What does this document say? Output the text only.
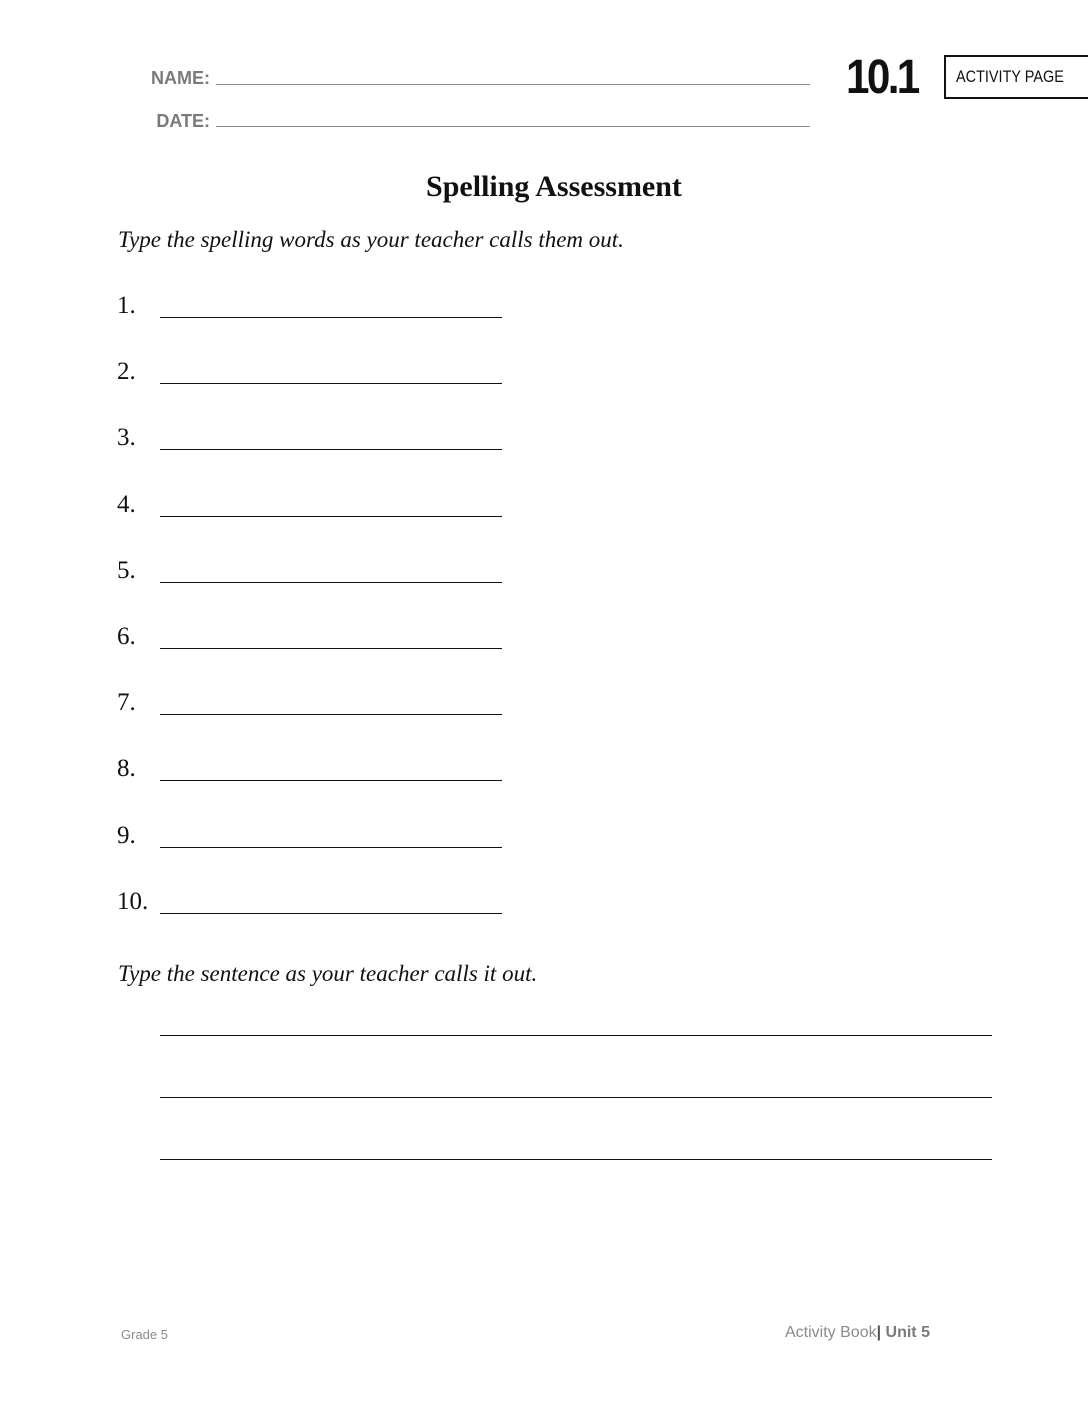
NAME:
DATE:
10.1 ACTIVITY PAGE
Spelling Assessment
Type the spelling words as your teacher calls them out.
1.
2.
3.
4.
5.
6.
7.
8.
9.
10.
Type the sentence as your teacher calls it out.
Grade 5	Activity Book| Unit 5
